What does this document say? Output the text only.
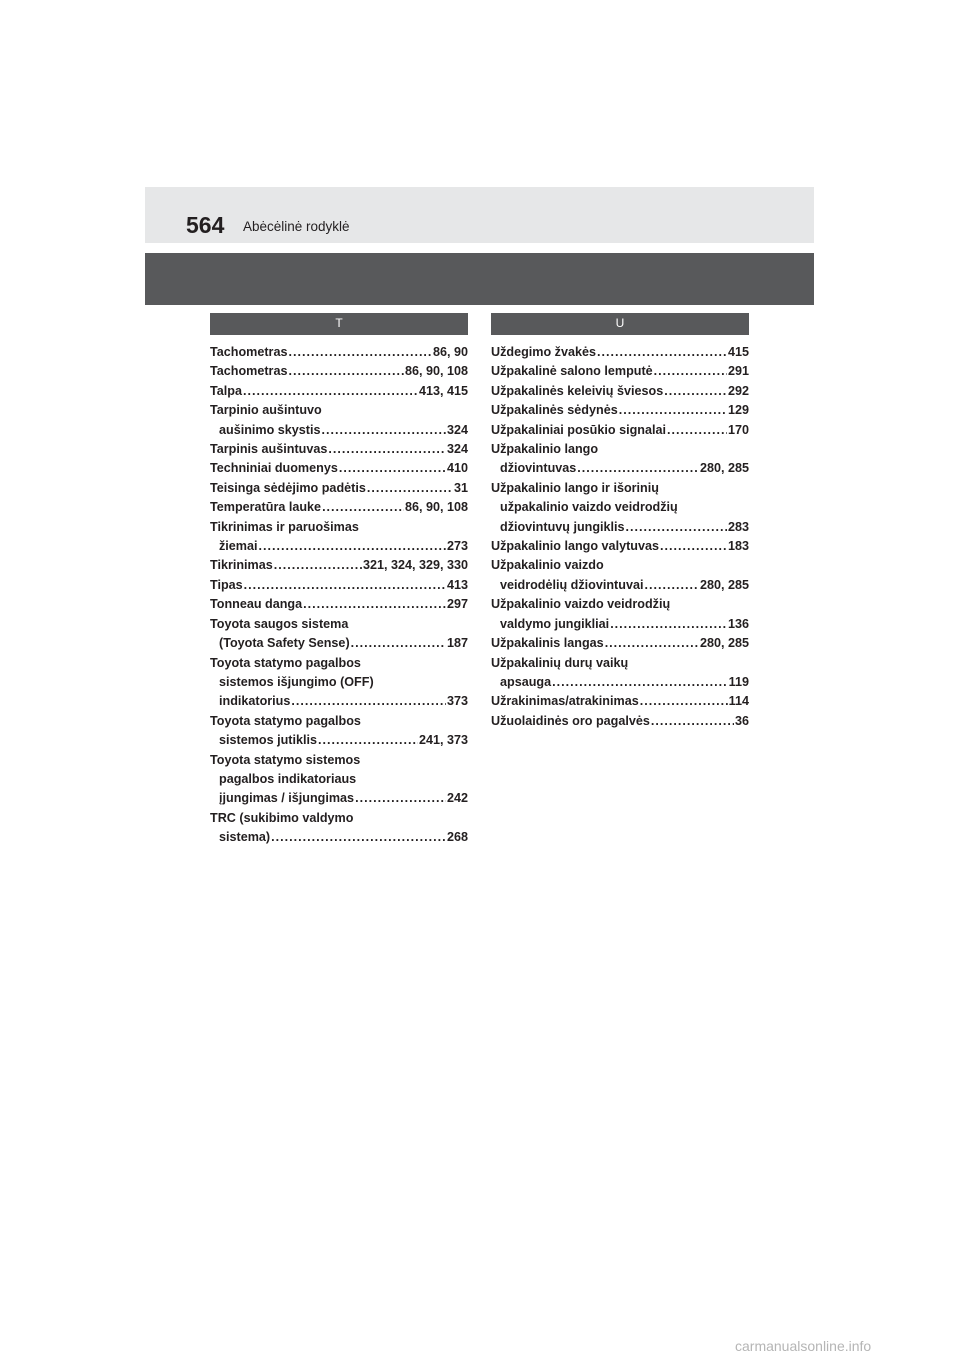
564 Abėcėlinė rodyklė
T
Tachometras .....	86, 90
Tachometras .....	86, 90, 108
Talpa .....	413, 415
Tarpinio aušintuvo
aušinimo skystis .....	324
Tarpinis aušintuvas .....	324
Techniniai duomenys .....	410
Teisinga sėdėjimo padėtis .....	31
Temperatūra lauke .....	86, 90, 108
Tikrinimas ir paruošimas
žiemai .....	273
Tikrinimas .....	321, 324, 329, 330
Tipas .....	413
Tonneau danga .....	297
Toyota saugos sistema
(Toyota Safety Sense) .....	187
Toyota statymo pagalbos
sistemos išjungimo (OFF)
indikatorius .....	373
Toyota statymo pagalbos
sistemos jutiklis .....	241, 373
Toyota statymo sistemos
pagalbos indikatoriaus
įjungimas / išjungimas .....	242
TRC (sukibimo valdymo
sistema) .....	268
U
Uždegimo žvakės .....	415
Užpakalinė salono lemputė .....	291
Užpakalinės keleivių šviesos .....	292
Užpakalinės sėdynės .....	129
Užpakaliniai posūkio signalai .....	170
Užpakalinio lango
džiovintuvas .....	280, 285
Užpakalinio lango ir išorinių
užpakalinio vaizdo veidrodžių
džiovintuvų jungiklis .....	283
Užpakalinio lango valytuvas .....	183
Užpakalinio vaizdo
veidrodėlių džiovintuvai .....	280, 285
Užpakalinio vaizdo veidrodžių
valdymo jungikliai .....	136
Užpakalinis langas .....	280, 285
Užpakalinių durų vaikų
apsauga .....	119
Užrakinimas/atrakinimas .....	114
Užuolaidinės oro pagalvės .....	36
carmanualsonline.info
